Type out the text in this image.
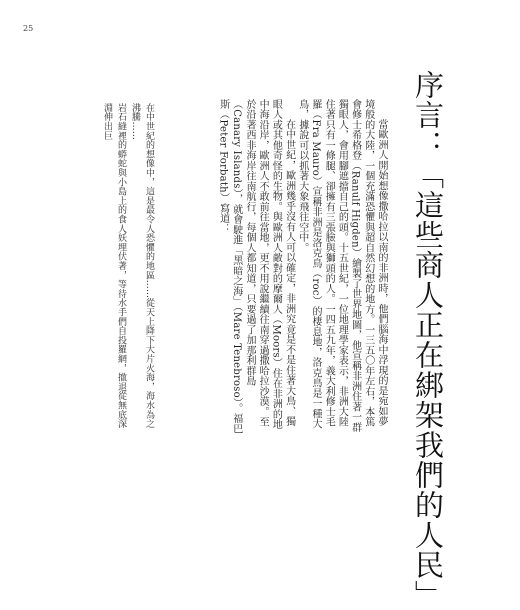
25
序言：「這些商人正在綁架我們的人民」

當歐洲人開始想像撒哈拉以南的非洲時，他們腦海中浮現的是宛如夢境般的大陸，一個充滿恐懼與超自然幻想的地方。一三五〇年左右，本篤會修士希格登（Ranulf Higden）繪製了世界地圖，他宣稱非洲住著一群獨眼人，會用腳遮擋自己的頭。十五世紀，一位地理學家表示，非洲大陸住著只有一條腿、卻擁有三張臉與獅頭的人。一四五九年，義大利修士毛羅（Fra Mauro）宣稱非洲是洛克鳥（roc）的棲息地，洛克鳥是一種大鳥，據說可以抓著大象飛往空中。

在中世紀，歐洲幾乎沒有人可以確定，非洲究竟是不是住著大鳥、獨眼人或其他奇怪的生物。與歐洲人敵對的摩爾人（Moors）住在非洲的地中海沿岸，歐洲人不敢前往當地，更不用說繼續往南穿過撒哈拉沙漠。至於沿著西非海岸往南航行，每個人都知道，只要過了加那利群島（Canary Islands），就會駛進「黑暗之海」（Mare Tenebroso）。福巴斯（Peter Forbath）寫道：

在中世紀的想像中，這是最令人恐懼的地區……從天上降下大片火海，海水為之沸騰……

岩石縫裡的蟒蛇與小島上的食人妖埋伏著，等待水手們自投羅網，撤退從無底深淵伸出巨
